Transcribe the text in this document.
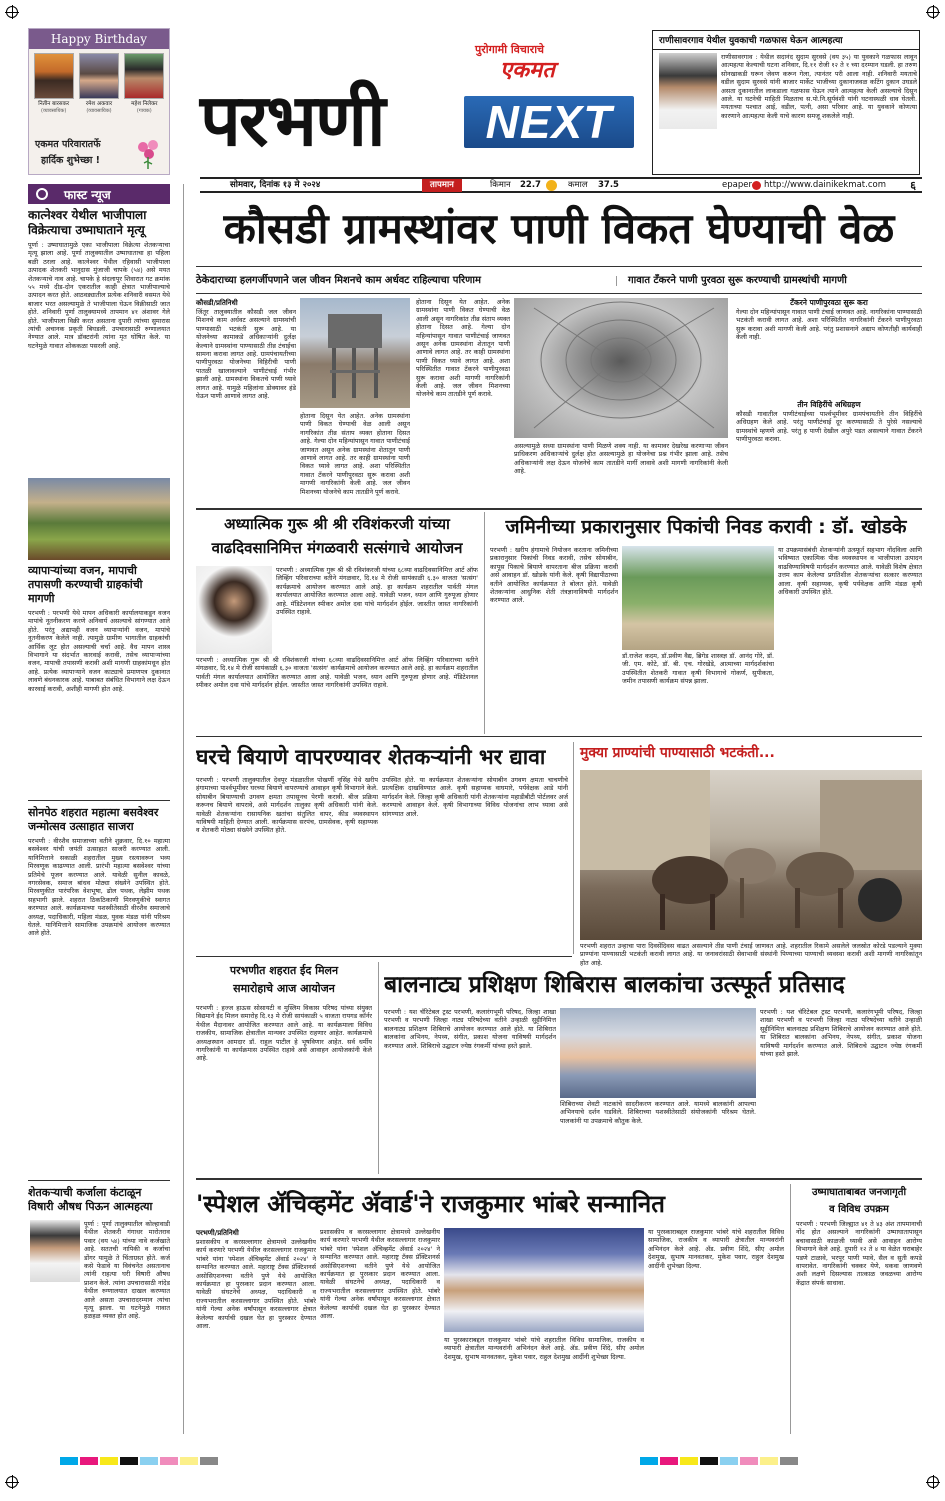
Happy Birthday
नितीन बारसकर
(व्यावसायिक)
रमेश अकवार
(व्यावसायिक)
महेश निलेकर
(गायक)
एकमत परिवारातर्फे
हार्दिक शुभेच्छा !
पुरोगामी विचाराचे
एकमत
परभणी	NEXT
राणीसावरगाव येथील युवकाची गळफास घेऊन आत्महत्या
राणीसावरगाव : येथील सदानंद सुदाम सुरवसे (वय ३५) या युवकाने गळफास लावून आत्महत्या केल्याची घटना शनिवार, दि.११ रोजी १२ ते १ च्या दरम्यान घडली. हा तरुण सोनखाकडी घरून जेवण करून गेला, त्यानंतर परी आला नाही. शनिवारी मयताचे वडील सुदाम सुरवसे यांनी बाजार मार्केट भाजीच्या दुकानाजवळ कटिंग दुकान उघडले असता दुकानातील लाकडाला गळफास घेऊन त्याने आत्महत्या केली असल्याचे दिसून आले. या घटनेची माहिती मिळताच स.पो.नि.सूर्यवंशी यांनी घटनास्थळी धाव घेतली. मयताच्या पश्चात आई, वडील, पत्नी, असा परिवार आहे. या युवकाने कोणत्या कारणाने आत्महत्या केली याचे कारण समजू शकलेले नाही.
सोमवार, दिनांक १३ मे २०२४	तापमान	किमान 22.7	कमाल 37.5	epaper http://www.dainikekmat.com ६
फास्ट न्यूज
कात्नेश्वर येथील भाजीपाला विक्रेत्याचा उष्माघाताने मृत्यू
पूर्णा : उष्माघातामुळे एका भाजीपाला विक्रेत्या शेतकऱ्याचा मृत्यू झाला आहे. पूर्णा तालुक्यातील उष्माघाताचा हा पहिला बळी ठरला आहे. कात्नेश्वर येथील रहिवासी भाजीपाला उत्पादक शेतकरी भानुदास मुंजाजी चापके (५४) असे मयत शेतकऱ्याचे नाव आहे. चापके हे संदलापूर शिवारात गट क्रमांक ५५ मध्ये दीड-दोन एकरातील काही क्षेत्रात भाजीपाल्याचे उत्पादन करत होते. आठवड्यातील प्रत्येक शनिवारी वसमत येथे बाजार भरत असल्यामुळे ते भाजीपाला घेऊन विक्रीसाठी जात होते. शनिवारी पूर्णा तालुक्यामध्ये तापमान ४१ अंशावर गेले होते. भाजीपाला विक्री करत असताना दुपारी त्यांच्या सुमारास त्यांची अचानक प्रकृती बिघडली. उपचारासाठी रुग्णालयात नेण्यात आले. मात्र डॉक्टरांनी त्यांना मृत घोषित केले. या घटनेमुळे गावात शोककळा पसरली आहे.
व्यापाऱ्यांच्या वजन, मापाची तपासणी करण्याची ग्राहकांची मागणी
परभणी : परभणी येथे मापन अधिकारी कार्यालयाकडून वजन मापांचे नूतनीकरण करणे अनिवार्य असल्याचे सांगण्यात आले होते. परंतु अद्यापही वजन व्यापाऱ्यांनी वजन, मापांचे नूतनीकरण केलेले नाही. त्यामुळे ग्रामीण भागातील ग्राहकांची आर्थिक लूट होत असल्याची चर्चा आहे. वैध मापन शास्त्र विभागाने या संदर्भात कारवाई करावी, तसेच व्यापाऱ्यांच्या वजन, मापाची तपासणी करावी अशी मागणी ग्राहकांमधून होत आहे. प्रत्येक व्यापाऱ्याने वजन काट्याचे प्रमाणपत्र दुकानात लावणे बंधनकारक आहे. याबाबत संबंधित विभागाने लक्ष देऊन कारवाई करावी, अशीही मागणी होत आहे.
सोनपेठ शहरात महात्मा बसवेश्वर जन्मोत्सव उत्साहात साजरा
परभणी : वीरशैव समाजाच्या वतीने शुक्रवार, दि.१० महात्मा बसवेश्वर यांची जयंती उत्साहात साजरी करण्यात आली. यानिमित्ताने सकाळी शहरातील मुख्य रस्त्यावरून भव्य मिरवणूक काढण्यात आली. प्रारंभी महात्मा बसवेश्वर यांच्या प्रतिमेचे पूजन करण्यात आले. यावेळी सुनील कावळे, नगरसेवक, समाज बांधव मोठ्या संख्येने उपस्थित होते. मिरवणुकीत पारंपरिक वेशभूषा, ढोल पथक, लेझीम पथक सहभागी झाले. शहरात ठिकठिकाणी मिरवणुकीचे स्वागत करण्यात आले. कार्यक्रमाच्या यशस्वीतेसाठी वीरशैव समाजाचे अध्यक्ष, पदाधिकारी, महिला मंडळ, युवक मंडळ यांनी परिश्रम घेतले. यानिमित्ताने सामाजिक उपक्रमांचे आयोजन करण्यात आले होते.
शेतकऱ्याची कर्जाला कंटाळून विषारी औषध पिऊन आत्महत्या
पूर्णा : पूर्णा तालुक्यातील कोल्हावाडी येथील शेतकरी गंगाधर मारोतराव पवार (वय ५४) यांच्या नावे कर्जखाते आहे. सततची नापिकी व कर्जाचा डोंगर यामुळे ते चिंताग्रस्त होते. कर्ज कसे फेडावे या विवंचनेत असतानाच त्यांनी राहत्या घरी विषारी औषध प्राशन केले. त्यांना उपचारासाठी नांदेड येथील रुग्णालयात दाखल करण्यात आले असता उपचारादरम्यान त्यांचा मृत्यू झाला. या घटनेमुळे गावात हळहळ व्यक्त होत आहे.
कौसडी ग्रामस्थांवर पाणी विकत घेण्याची वेळ
ठेकेदाराच्या हलगर्जीपणाने जल जीवन मिशनचे काम अर्धवट राहिल्याचा परिणाम	गावात टँकरने पाणी पुरवठा सुरू करण्याची ग्रामस्थांची मागणी
कौसडी/प्रतिनिधी
जिंतूर तालुक्यातील कौसडी जल जीवन मिशनचे काम अर्धवट असल्याने ग्रामस्थांची पाण्यासाठी भटकंती सुरू आहे. या योजनेच्या कामाकडे अधिकाऱ्यांनी दुर्लक्ष केल्याने ग्रामस्थांना पाण्यासाठी तीव्र टंचाईचा सामना करावा लागत आहे. ग्रामपंचायतीच्या पाणीपुरवठा योजनेच्या विहिरीची पाणी पातळी खालावल्याने पाणीटंचाई गंभीर झाली आहे. ग्रामस्थांना विकतचे पाणी घ्यावे लागत आहे. यामुळे महिलांना डोक्यावर हंडे घेऊन पाणी आणावे लागत आहे.
होताना दिसून येत आहेत. अनेक ग्रामस्थांना पाणी विकत घेण्याची वेळ आली असून नागरिकांत तीव्र संताप व्यक्त होताना दिसत आहे. गेल्या दोन महिन्यांपासून गावात पाणीटंचाई जाणवत असून अनेक ग्रामस्थांना शेतातून पाणी आणावे लागत आहे. तर काही ग्रामस्थांना पाणी विकत घ्यावे लागत आहे. अशा परिस्थितीत गावात टँकरने पाणीपुरवठा सुरू करावा अशी मागणी नागरिकांनी केली आहे. जल जीवन मिशनच्या योजनेचे काम तातडीने पूर्ण करावे.
होताना दिसून येत आहेत. अनेक ग्रामस्थांना पाणी विकत घेण्याची वेळ आली असून नागरिकांत तीव्र संताप व्यक्त होताना दिसत आहे. गेल्या दोन महिन्यांपासून गावात पाणीटंचाई जाणवत असून अनेक ग्रामस्थांना शेतातून पाणी आणावे लागत आहे. तर काही ग्रामस्थांना पाणी विकत घ्यावे लागत आहे. अशा परिस्थितीत गावात टँकरने पाणीपुरवठा सुरू करावा अशी मागणी नागरिकांनी केली आहे. जल जीवन मिशनच्या योजनेचे काम तातडीने पूर्ण करावे.
असल्यामुळे सध्या ग्रामस्थांना पाणी मिळणे शक्य नाही. या कामावर देखरेख करणाऱ्या जीवन प्राधिकरण अधिकाऱ्यांचे दुर्लक्ष होत असल्यामुळे हा योजनेचा प्रश्न गंभीर झाला आहे. तसेच अधिकाऱ्यांनी लक्ष देऊन योजनेचे काम तातडीने मार्गी लावावे अशी मागणी नागरिकांनी केली आहे.
टँकरने पाणीपुरवठा सुरू करा
गेल्या दोन महिन्यांपासून गावात पाणी टंचाई जाणवत आहे. नागरिकांना पाण्यासाठी भटकंती करावी लागत आहे. अशा परिस्थितीत नागरिकांनी टँकरने पाणीपुरवठा सुरू करावा अशी मागणी केली आहे. परंतु प्रशासनाने अद्याप कोणतीही कार्यवाही केली नाही.
तीन विहिरींचे अधिग्रहण
कौसडी गावातील पाणीटंचाईच्या पार्श्वभूमीवर ग्रामपंचायतीने तीन विहिरींचे अधिग्रहण केले आहे. परंतु पाणीटंचाई दूर करण्यासाठी ते पुरेसे नसल्याचे ग्रामस्थांचे म्हणणे आहे. परंतु ह पाणी देखील अपुरे पडत असल्याने गावात टँकरने पाणीपुरवठा करावा.
अध्यात्मिक गुरू श्री श्री रविशंकरजी यांच्या
वाढदिवसानिमित्त मंगळवारी सत्संगाचे आयोजन
परभणी : अध्यात्मिक गुरू श्री श्री रविशंकरजी यांच्या ६८व्या वाढदिवसानिमित्त आर्ट ऑफ लिव्हिंग परिवाराच्या वतीने मंगळवार, दि.१४ मे रोजी सायंकाळी ६.३० वाजता 'सत्संग' कार्यक्रमाचे आयोजन करण्यात आले आहे. हा कार्यक्रम शहरातील पार्वती मंगल कार्यालयात आयोजित करण्यात आला आहे. यावेळी भजन, ध्यान आणि गुरुपूजा होणार आहे. मॅडिटेशनल स्पीकर अमोल दवा यांचे मार्गदर्शन होईल. जास्तीत जास्त नागरिकांनी उपस्थित राहावे.
परभणी : अध्यात्मिक गुरू श्री श्री रविशंकरजी यांच्या ६८व्या वाढदिवसानिमित्त आर्ट ऑफ लिव्हिंग परिवाराच्या वतीने मंगळवार, दि.१४ मे रोजी सायंकाळी ६.३० वाजता 'सत्संग' कार्यक्रमाचे आयोजन करण्यात आले आहे. हा कार्यक्रम शहरातील पार्वती मंगल कार्यालयात आयोजित करण्यात आला आहे. यावेळी भजन, ध्यान आणि गुरुपूजा होणार आहे. मॅडिटेशनल स्पीकर अमोल दवा यांचे मार्गदर्शन होईल. जास्तीत जास्त नागरिकांनी उपस्थित राहावे.
जमिनीच्या प्रकारानुसार पिकांची निवड करावी : डॉ. खोडके
परभणी : खरीप हंगामाचे नियोजन करताना जमिनीच्या प्रकारानुसार पिकांची निवड करावी, तसेच सोयाबीन, कापूस पिकाचे बियाणे वापरताना बीज प्रक्रिया करावी असे आवाहन डॉ. खोडके यांनी केले. कृषी विद्यापीठाच्या वतीने आयोजित कार्यक्रमात ते बोलत होते. यावेळी शेतकऱ्यांना आधुनिक शेती तंत्रज्ञानाविषयी मार्गदर्शन करण्यात आले.
डॉ.राजेश कदम, डॉ.प्रवीण वैद्य, ब्रिगेड शास्त्रज्ञ डॉ. आनंद गोरे, डॉ. जी. एम. कोटे, डॉ. बी. एच. गोरखेडे, आत्माच्या मार्गदर्शकांचा उपस्थितीत शेतकरी गावात कृषी विभागाचे गोकर्ण, सुपीकता, जमीन तपासणी कार्यक्रम संपन्न झाला.
या उपक्रमासंबंधी शेतकऱ्यांनी उत्स्फूर्त सहभाग नोंदविला आणि भविष्यात एकात्मिक पीक व्यवस्थापन व भाजीपाला उत्पादन वाढविण्याविषयी मार्गदर्शन करण्यात आले. यावेळी विशेष क्षेत्रात उत्तम काम केलेल्या प्रगतिशील शेतकऱ्यांचा सत्कार करण्यात आला. कृषी सहाय्यक, कृषी पर्यवेक्षक आणि मंडळ कृषी अधिकारी उपस्थित होते.
घरचे बियाणे वापरण्यावर शेतकऱ्यांनी भर द्यावा
परभणी : परभणी तालुक्यातील देवपूर मंडळातील पोखर्णी नृसिंह येथे खरीप हंगामाच्या पार्श्वभूमीवर घरच्या बियाणे वापरण्याचे आवाहन कृषी विभागाने केले. सोयाबीन बियाण्याची उगवण क्षमता तपासूनच पेरणी करावी. बीज प्रक्रिया करूनच बियाणे वापरावे, असे मार्गदर्शन तालुका कृषी अधिकारी यांनी केले. यावेळी शेतकऱ्यांना रासायनिक खतांचा संतुलित वापर, कीड व्यवस्थापन याविषयी माहिती देण्यात आली. कार्यक्रमास सरपंच, ग्रामसेवक, कृषी सहाय्यक व शेतकरी मोठ्या संख्येने उपस्थित होते.
उपस्थित होते. या कार्यक्रमात शेतकऱ्यांना सोयाबीन उगवण क्षमता चाचणीचे प्रात्यक्षिक दाखविण्यात आले. कृषी सहाय्यक वाघमारे, पर्यवेक्षक आडे यांनी मार्गदर्शन केले. जिल्हा कृषी अधिकारी यांनी शेतकऱ्यांना महाडीबीटी पोर्टलवर अर्ज करण्याचे आवाहन केले. कृषी विभागाच्या विविध योजनांचा लाभ घ्यावा असे सांगण्यात आले.
मुक्या प्राण्यांची पाण्यासाठी भटकंती...
परभणी शहरात उन्हाचा पारा दिवसेंदिवस वाढत असल्याने तीव्र पाणी टंचाई जाणवत आहे. शहरातील रिकामे असलेले जलस्रोत कोरडे पडल्याने मुक्या प्राण्यांना पाण्यासाठी भटकंती करावी लागत आहे. या जनावरांसाठी सेवाभावी संस्थांनी पिण्याच्या पाण्याची व्यवस्था करावी अशी मागणी नागरिकांतून होत आहे.
परभणीत शहरात ईद मिलन
समारोहाचे आज आयोजन
परभणी : हज्ज हाऊस सोसायटी व मुस्लिम विकास परिषद यांच्या संयुक्त विद्यमाने ईद मिलन समारोह दि.१३ मे रोजी सायंकाळी ५ वाजता रायगड कॉर्नर येथील मैदानावर आयोजित करण्यात आले आहे. या कार्यक्रमाला विविध राजकीय, सामाजिक क्षेत्रातील मान्यवर उपस्थित राहणार आहेत. कार्यक्रमाचे अध्यक्षस्थान आमदार डॉ. राहुल पाटील हे भूषविणार आहेत. सर्व धर्मीय नागरिकांनी या कार्यक्रमास उपस्थित राहावे असे आवाहन आयोजकांनी केले आहे.
बालनाट्य प्रशिक्षण शिबिरास बालकांचा उत्स्फूर्त प्रतिसाद
परभणी : यश चॅरिटेबल ट्रस्ट परभणी, कलारंगभूमी परिषद, जिल्हा शाखा परभणी व परभणी जिल्हा नाट्य परिषदेच्या वतीने उन्हाळी सुट्टीनिमित्त बालनाट्य प्रशिक्षण शिबिराचे आयोजन करण्यात आले होते. या शिबिरात बालकांना अभिनय, नेपथ्य, संगीत, प्रकाश योजना याविषयी मार्गदर्शन करण्यात आले. शिबिराचे उद्घाटन ज्येष्ठ रंगकर्मी यांच्या हस्ते झाले.
शिबिराच्या शेवटी नाटकांचे सादरीकरण करण्यात आले. यामध्ये बालकांनी आपल्या अभिनयाचे दर्शन घडविले. शिबिराच्या यशस्वीतेसाठी संयोजकांनी परिश्रम घेतले. पालकांनी या उपक्रमाचे कौतुक केले.
परभणी : यश चॅरिटेबल ट्रस्ट परभणी, कलारंगभूमी परिषद, जिल्हा शाखा परभणी व परभणी जिल्हा नाट्य परिषदेच्या वतीने उन्हाळी सुट्टीनिमित्त बालनाट्य प्रशिक्षण शिबिराचे आयोजन करण्यात आले होते. या शिबिरात बालकांना अभिनय, नेपथ्य, संगीत, प्रकाश योजना याविषयी मार्गदर्शन करण्यात आले. शिबिराचे उद्घाटन ज्येष्ठ रंगकर्मी यांच्या हस्ते झाले.
'स्पेशल ॲचिव्हमेंट ॲवार्ड'ने राजकुमार भांबरे सन्मानित
परभणी/प्रतिनिधी
प्रशासकीय व करसल्लागार क्षेत्रामध्ये उल्लेखनीय कार्य करणारे परभणी येथील करसल्लागार राजकुमार भांबरे यांना 'स्पेशल ॲचिव्हमेंट ॲवार्ड २०२४' ने सन्मानित करण्यात आले. महाराष्ट्र टॅक्स प्रॅक्टिशनर्स असोसिएशनच्या वतीने पुणे येथे आयोजित कार्यक्रमात हा पुरस्कार प्रदान करण्यात आला. यावेळी संघटनेचे अध्यक्ष, पदाधिकारी व राज्यभरातील करसल्लागार उपस्थित होते. भांबरे यांनी गेल्या अनेक वर्षांपासून करसल्लागार क्षेत्रात केलेल्या कार्याची दखल घेत हा पुरस्कार देण्यात आला.
प्रशासकीय व करसल्लागार क्षेत्रामध्ये उल्लेखनीय कार्य करणारे परभणी येथील करसल्लागार राजकुमार भांबरे यांना 'स्पेशल ॲचिव्हमेंट ॲवार्ड २०२४' ने सन्मानित करण्यात आले. महाराष्ट्र टॅक्स प्रॅक्टिशनर्स असोसिएशनच्या वतीने पुणे येथे आयोजित कार्यक्रमात हा पुरस्कार प्रदान करण्यात आला. यावेळी संघटनेचे अध्यक्ष, पदाधिकारी व राज्यभरातील करसल्लागार उपस्थित होते. भांबरे यांनी गेल्या अनेक वर्षांपासून करसल्लागार क्षेत्रात केलेल्या कार्याची दखल घेत हा पुरस्कार देण्यात आला.
या पुरस्काराबद्दल राजकुमार भांबरे यांचे शहरातील विविध सामाजिक, राजकीय व व्यापारी क्षेत्रातील मान्यवरांनी अभिनंदन केले आहे. ॲड. प्रवीण शिंदे, सीए अमोल देशमुख, सुभाष मानवतकर, मुकेश पवार, राहुल देशमुख आदींनी शुभेच्छा दिल्या.
या पुरस्काराबद्दल राजकुमार भांबरे यांचे शहरातील विविध सामाजिक, राजकीय व व्यापारी क्षेत्रातील मान्यवरांनी अभिनंदन केले आहे. ॲड. प्रवीण शिंदे, सीए अमोल देशमुख, सुभाष मानवतकर, मुकेश पवार, राहुल देशमुख आदींनी शुभेच्छा दिल्या.
उष्माघाताबाबत जनजागृती
व विविध उपक्रम
परभणी : परभणी जिल्ह्यात ४१ ते ४३ अंश तापमानाची नोंद होत असल्याने नागरिकांनी उष्माघातापासून बचावासाठी काळजी घ्यावी असे आवाहन आरोग्य विभागाने केले आहे. दुपारी १२ ते ४ या वेळेत घराबाहेर पडणे टाळावे, भरपूर पाणी प्यावे, सैल व सुती कपडे वापरावेत. नागरिकांनी चक्कर येणे, थकवा जाणवणे अशी लक्षणे दिसल्यास तात्काळ जवळच्या आरोग्य केंद्रात संपर्क साधावा.
